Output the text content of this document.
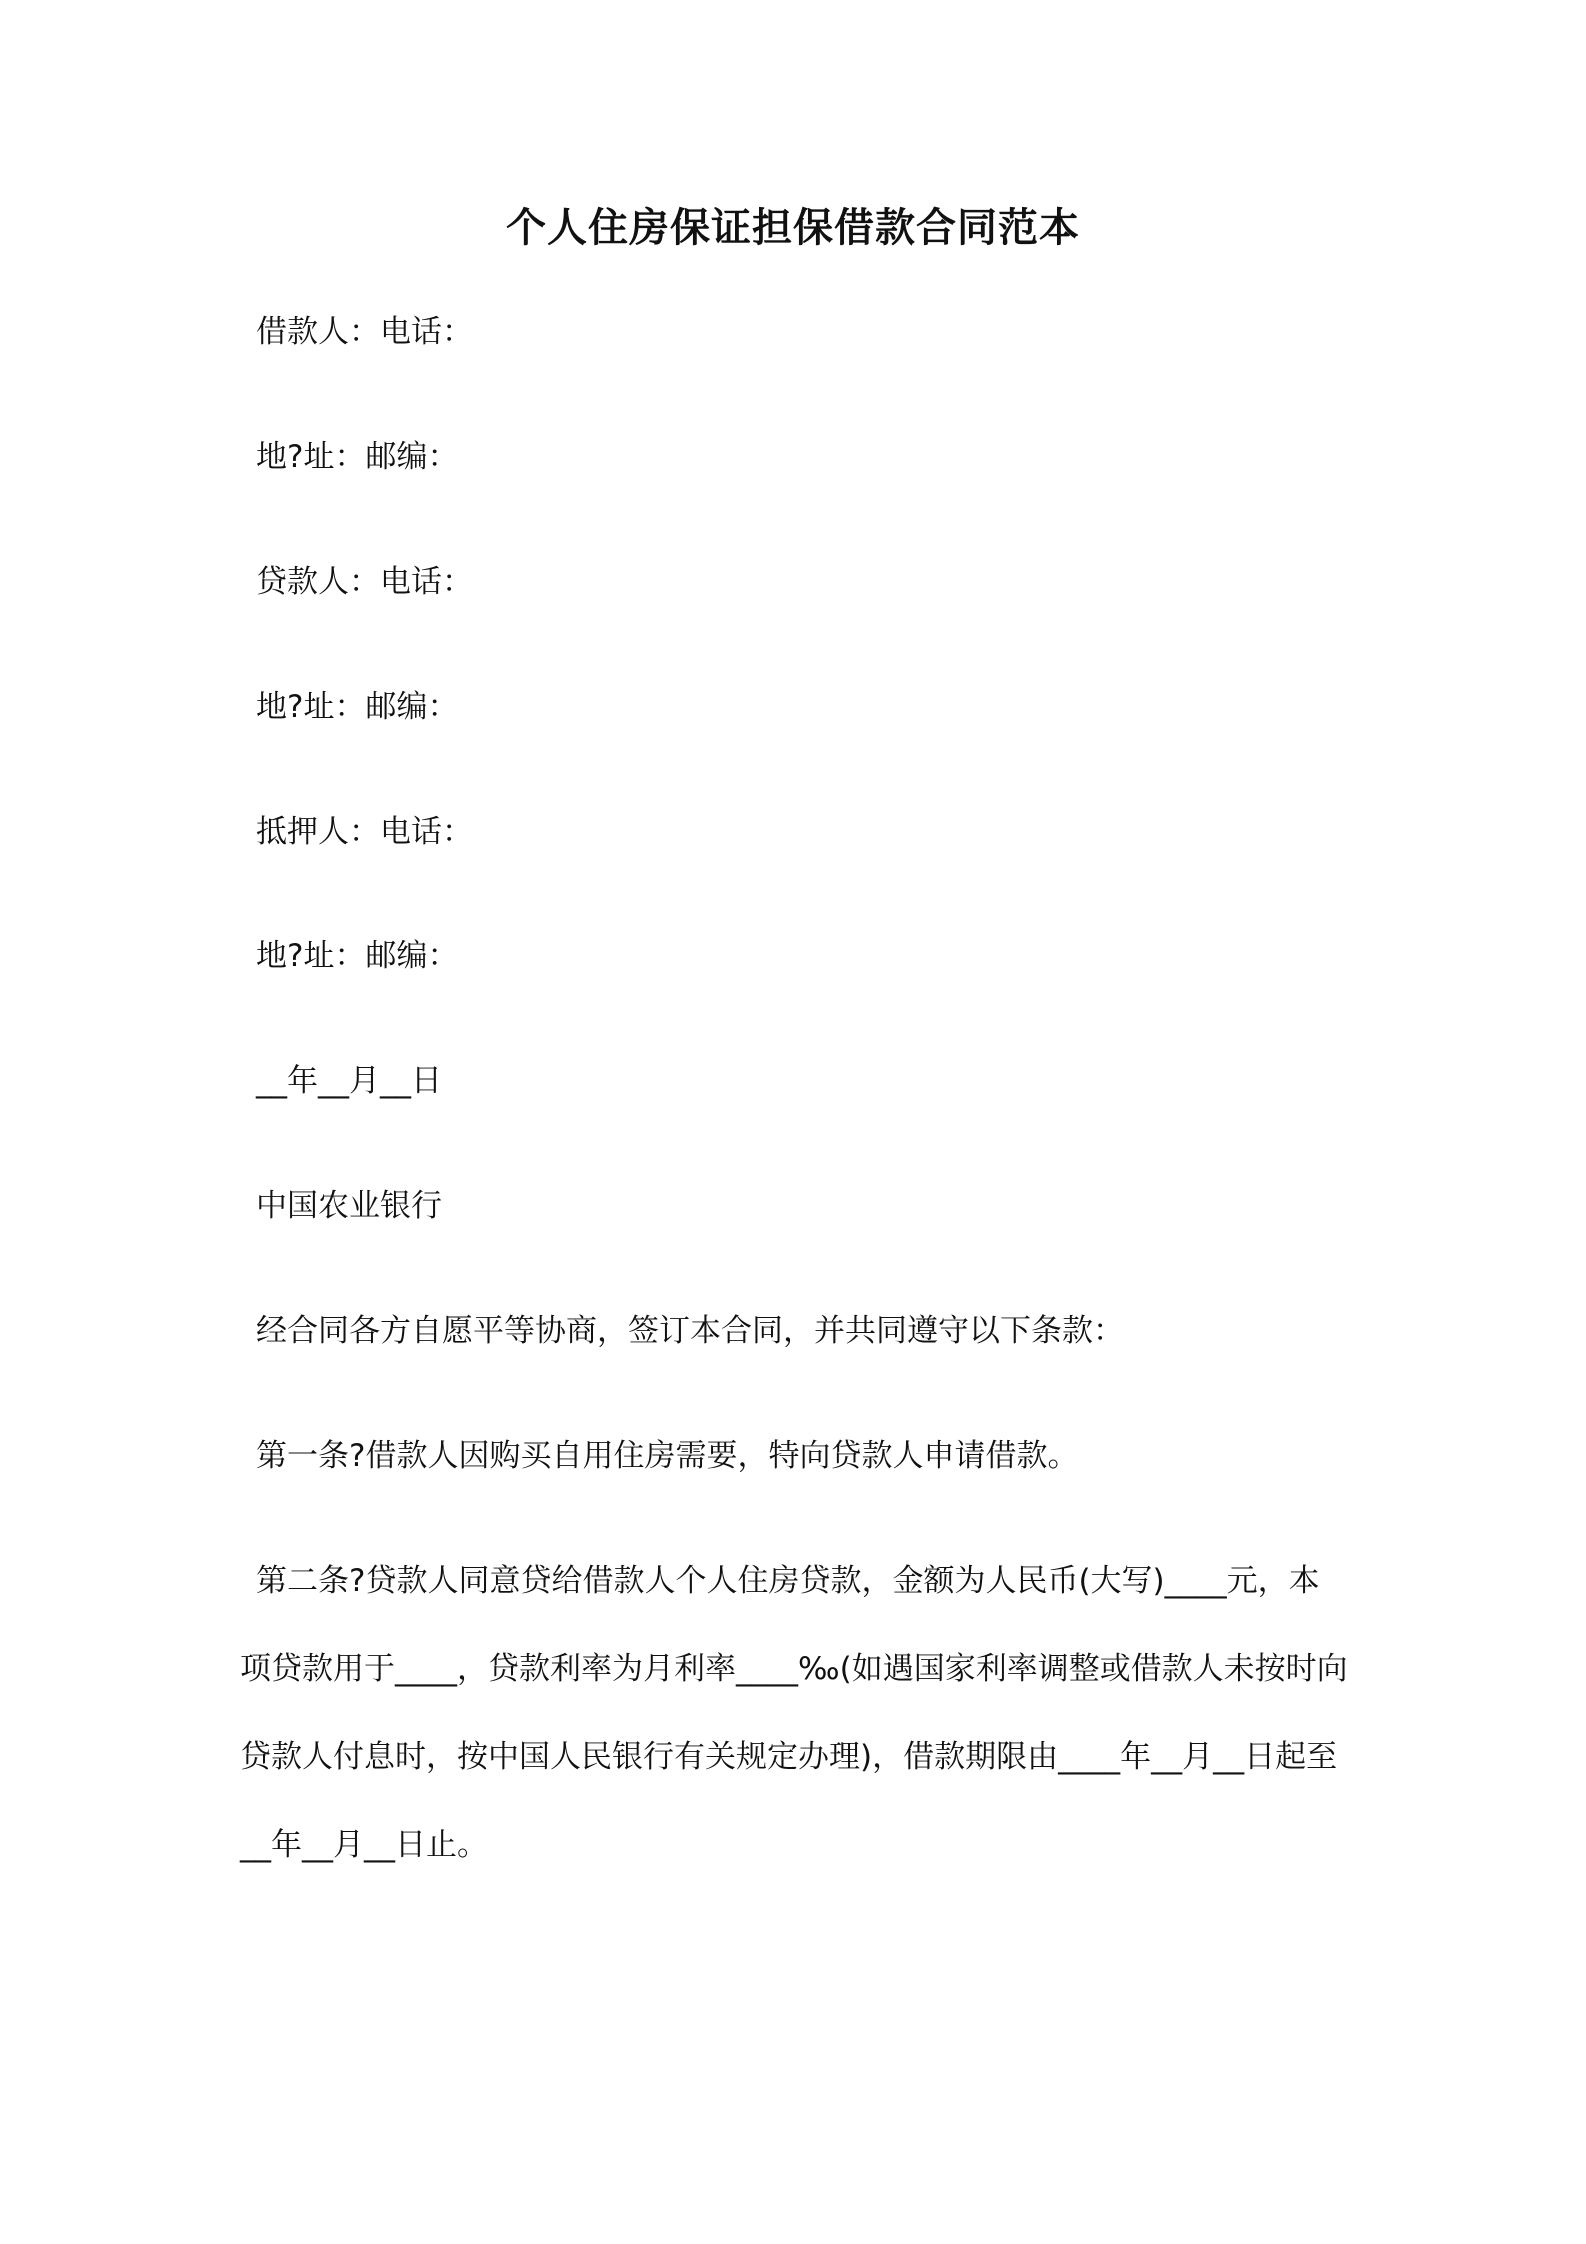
个人住房保证担保借款合同范本

借款人：电话：

地?址：邮编：

贷款人：电话：

地?址：邮编：

抵押人：电话：

地?址：邮编：

__年__月__日

中国农业银行

经合同各方自愿平等协商，签订本合同，并共同遵守以下条款：

第一条?借款人因购买自用住房需要，特向贷款人申请借款。

第二条?贷款人同意贷给借款人个人住房贷款，金额为人民币(大写)____元，本项贷款用于____，贷款利率为月利率____‰(如遇国家利率调整或借款人未按时向贷款人付息时，按中国人民银行有关规定办理)，借款期限由____年__月__日起至__年__月__日止。
